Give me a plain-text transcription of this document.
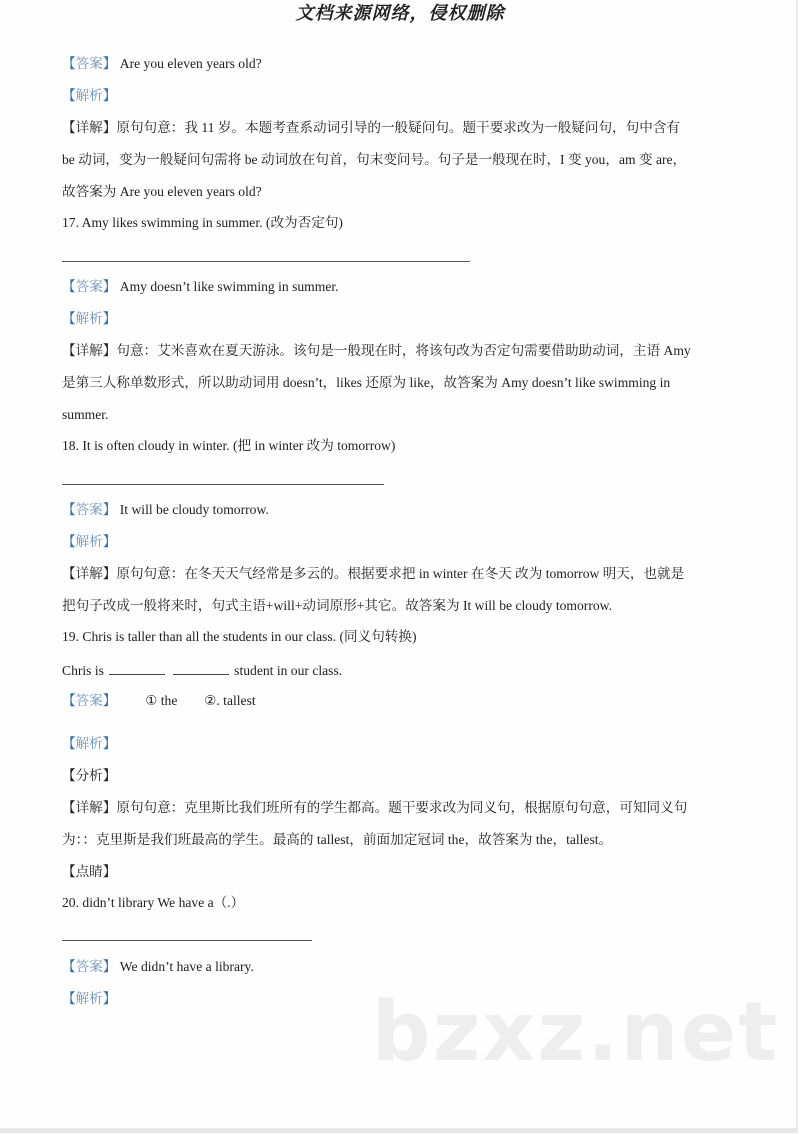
文档来源网络，侵权删除
【答案】 Are you eleven years old?
【解析】
【详解】原句句意：我 11 岁。本题考查系动词引导的一般疑问句。题干要求改为一般疑问句，句中含有
be 动词，变为一般疑问句需将 be 动词放在句首，句末变问号。句子是一般现在时，I 变 you，am 变 are，
故答案为 Are you eleven years old?
17. Amy likes swimming in summer. (改为否定句)
【答案】 Amy doesn’t like swimming in summer.
【解析】
【详解】句意：艾米喜欢在夏天游泳。该句是一般现在时，将该句改为否定句需要借助助动词，主语 Amy
是第三人称单数形式，所以助动词用 doesn’t，likes 还原为 like，故答案为 Amy doesn’t like swimming in
summer.
18. It is often cloudy in winter. (把 in winter 改为 tomorrow)
【答案】 It will be cloudy tomorrow.
【解析】
【详解】原句句意：在冬天天气经常是多云的。根据要求把 in winter 在冬天 改为 tomorrow 明天，也就是
把句子改成一般将来时，句式主语+will+动词原形+其它。故答案为 It will be cloudy tomorrow.
19. Chris is taller than all the students in our class. (同义句转换)
Chris is	student in our class.
【答案】 ① the ②. tallest
【解析】
【分析】
【详解】原句句意：克里斯比我们班所有的学生都高。题干要求改为同义句，根据原句句意，可知同义句
为：：克里斯是我们班最高的学生。最高的 tallest，前面加定冠词 the，故答案为 the，tallest。
【点睛】
20. didn’t library We have a（.）
【答案】 We didn’t have a library.
【解析】	bzxz.net
